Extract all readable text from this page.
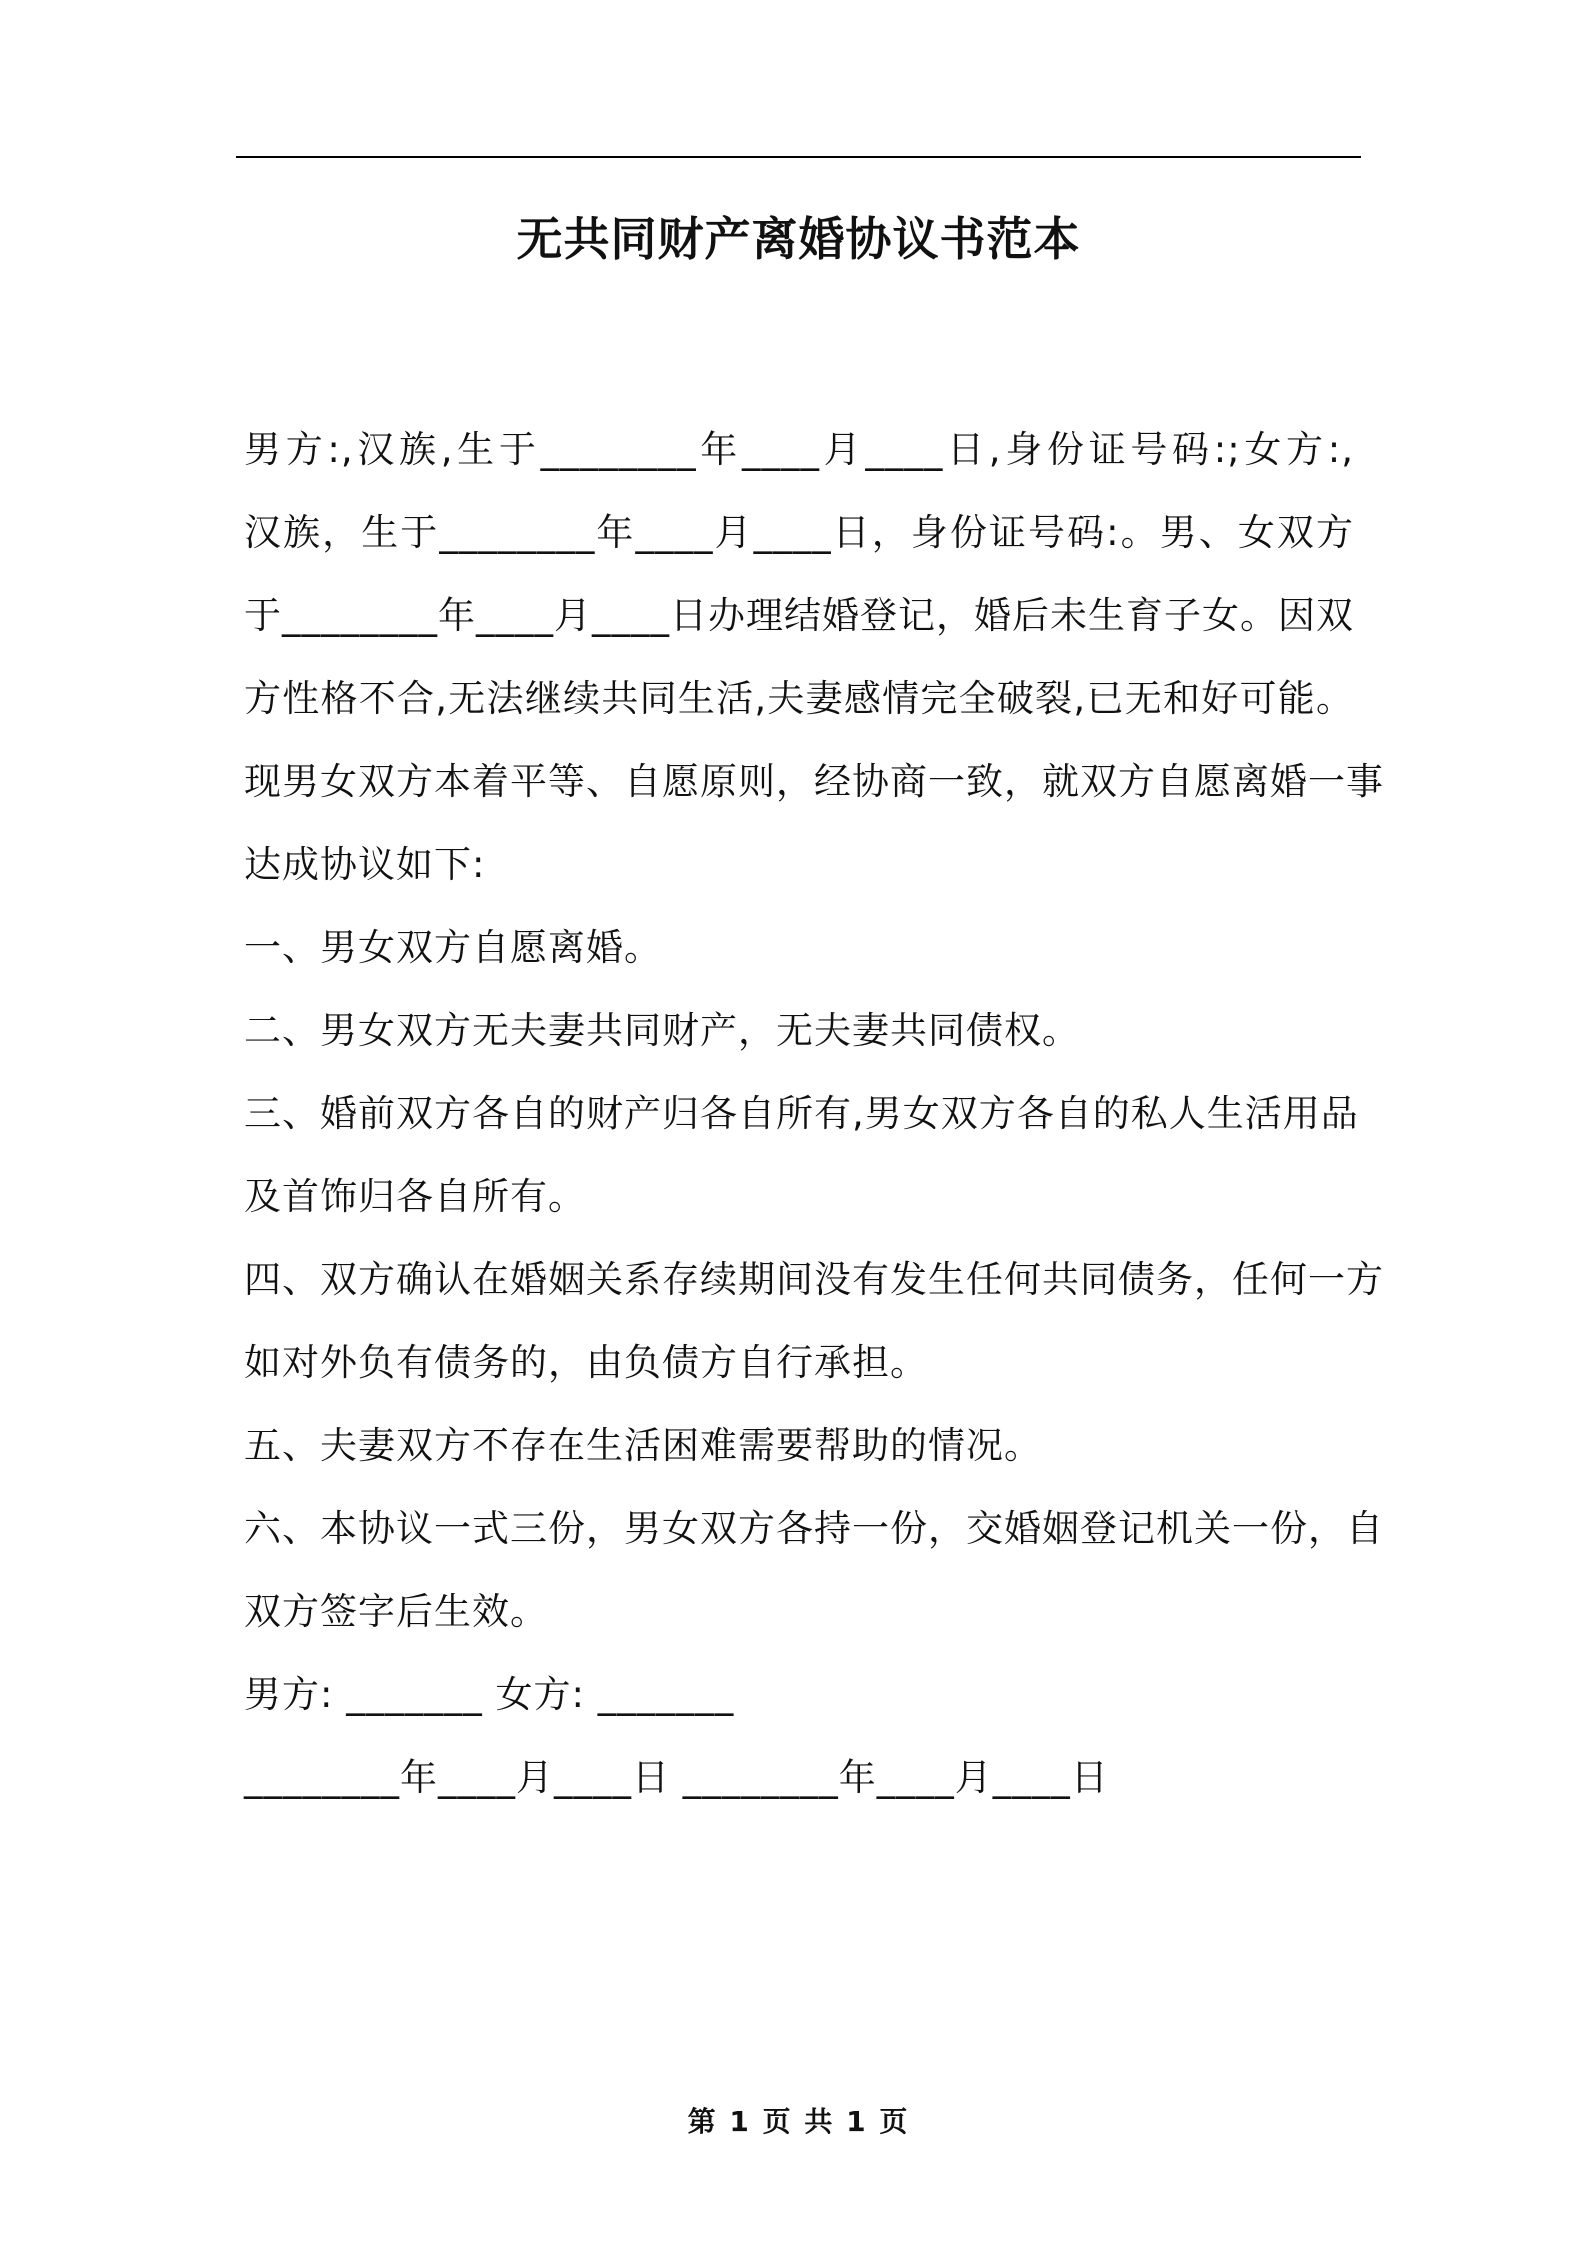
无共同财产离婚协议书范本
男方:,汉族,生于________年____月____日,身份证号码:;女方:,
汉族，生于________年____月____日，身份证号码:。男、女双方
于________年____月____日办理结婚登记，婚后未生育子女。因双
方性格不合,无法继续共同生活,夫妻感情完全破裂,已无和好可能。
现男女双方本着平等、自愿原则，经协商一致，就双方自愿离婚一事
达成协议如下:
一、男女双方自愿离婚。
二、男女双方无夫妻共同财产，无夫妻共同债权。
三、婚前双方各自的财产归各自所有,男女双方各自的私人生活用品
及首饰归各自所有。
四、双方确认在婚姻关系存续期间没有发生任何共同债务，任何一方
如对外负有债务的，由负债方自行承担。
五、夫妻双方不存在生活困难需要帮助的情况。
六、本协议一式三份，男女双方各持一份，交婚姻登记机关一份，自
双方签字后生效。
男方: _______ 女方: _______
________年____月____日 ________年____月____日
第 1 页 共 1 页
